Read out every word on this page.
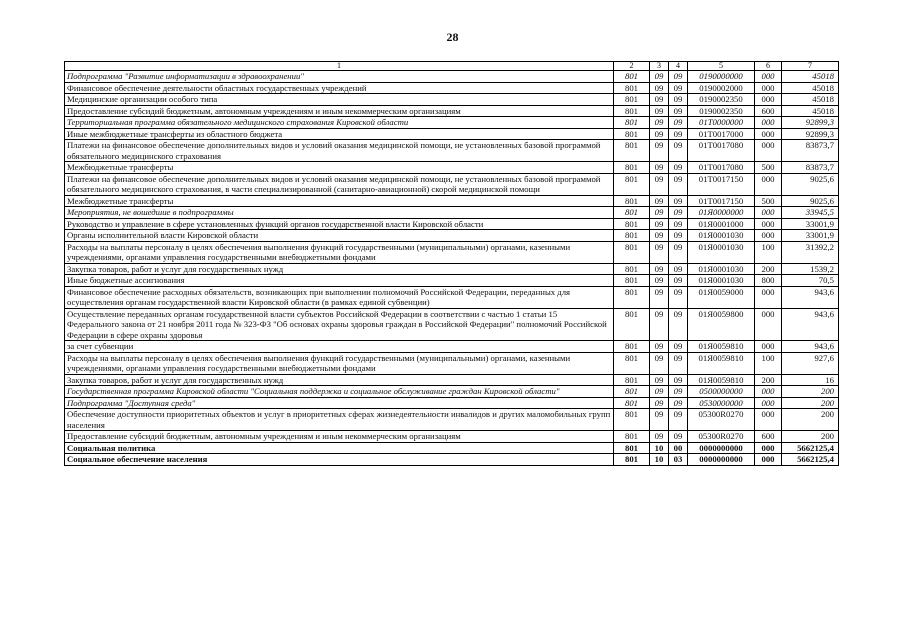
28
1	2	3	4	5	6	7
Подпрограмма "Развитие информатизации в здравоохранении"	801	09	09	0190000000	000	45018
Финансовое обеспечение деятельности областных государственных учреждений	801	09	09	0190002000	000	45018
Медицинские организации особого типа	801	09	09	0190002350	000	45018
Предоставление субсидий бюджетным, автономным учреждениям и иным некоммерческим организациям	801	09	09	0190002350	600	45018
Территориальная программа обязательного медицинского страхования Кировской области	801	09	09	01Т0000000	000	92899,3
Иные межбюджетные трансферты из областного бюджета	801	09	09	01Т0017000	000	92899,3
Платежи на финансовое обеспечение дополнительных видов и условий оказания медицинской помощи, не установленных базовой программой обязательного медицинского страхования	801	09	09	01Т0017080	000	83873,7
Межбюджетные трансферты	801	09	09	01Т0017080	500	83873,7
Платежи на финансовое обеспечение дополнительных видов и условий оказания медицинской помощи, не установленных базовой программой обязательного медицинского страхования, в части специализированной (санитарно-авиационной) скорой медицинской помощи	801	09	09	01Т0017150	000	9025,6
Межбюджетные трансферты	801	09	09	01Т0017150	500	9025,6
Мероприятия, не вошедшие в подпрограммы	801	09	09	01Я0000000	000	33945,5
Руководство и управление в сфере установленных функций органов государственной власти Кировской области	801	09	09	01Я0001000	000	33001,9
Органы исполнительной власти Кировской области	801	09	09	01Я0001030	000	33001,9
Расходы на выплаты персоналу в целях обеспечения выполнения функций государственными (муниципальными) органами, казенными учреждениями, органами управления государственными внебюджетными фондами	801	09	09	01Я0001030	100	31392,2
Закупка товаров, работ и услуг для государственных нужд	801	09	09	01Я0001030	200	1539,2
Иные бюджетные ассигнования	801	09	09	01Я0001030	800	70,5
Финансовое обеспечение расходных обязательств, возникающих при выполнении полномочий Российской Федерации, переданных для осуществления органам государственной власти Кировской области (в рамках единой субвенции)	801	09	09	01Я0059000	000	943,6
Осуществление переданных органам государственной власти субъектов Российской Федерации в соответствии с частью 1 статьи 15 Федерального закона от 21 ноября 2011 года № 323-ФЗ "Об основах охраны здоровья граждан в Российской Федерации" полномочий Российской Федерации в сфере охраны здоровья	801	09	09	01Я0059800	000	943,6
за счет субвенции	801	09	09	01Я0059810	000	943,6
Расходы на выплаты персоналу в целях обеспечения выполнения функций государственными (муниципальными) органами, казенными учреждениями, органами управления государственными внебюджетными фондами	801	09	09	01Я0059810	100	927,6
Закупка товаров, работ и услуг для государственных нужд	801	09	09	01Я0059810	200	16
Государственная программа Кировской области "Социальная поддержка и социальное обслуживание граждан Кировской области"	801	09	09	0500000000	000	200
Подпрограмма "Доступная среда"	801	09	09	0530000000	000	200
Обеспечение доступности приоритетных объектов и услуг в приоритетных сферах жизнедеятельности инвалидов и других маломобильных групп населения	801	09	09	05300R0270	000	200
Предоставление субсидий бюджетным, автономным учреждениям и иным некоммерческим организациям	801	09	09	05300R0270	600	200
Социальная политика	801	10	00	0000000000	000	5662125,4
Социальное обеспечение населения	801	10	03	0000000000	000	5662125,4
